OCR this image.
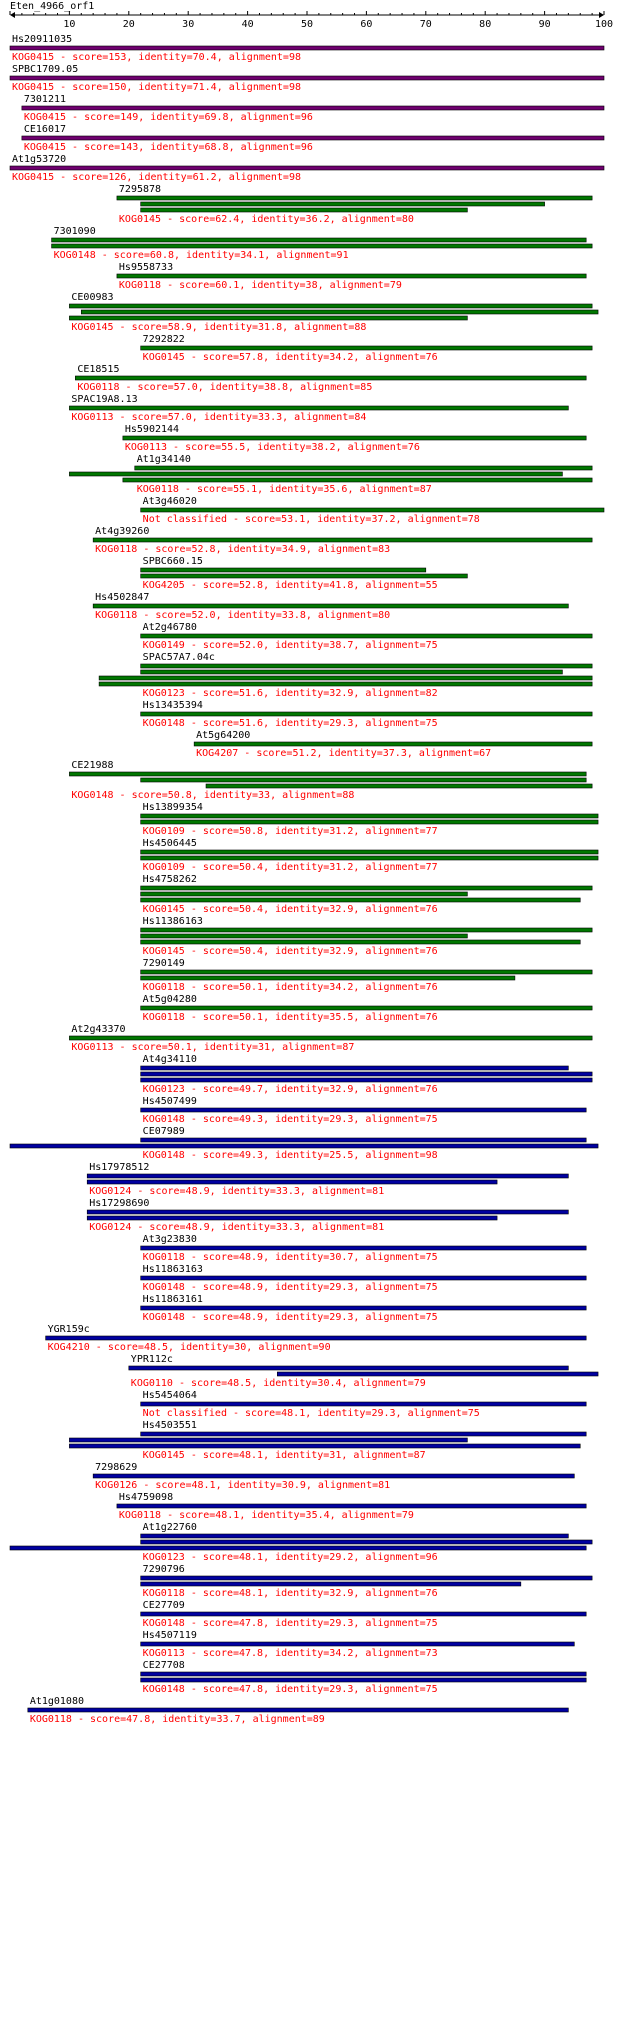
Eten_4966_orf1
10	20	30	40	50	60	70	80	90	100
Hs20911035
KOG0415 - score=153, identity=70.4, alignment=98
SPBC1709.05
KOG0415 - score=150, identity=71.4, alignment=98
7301211
KOG0415 - score=149, identity=69.8, alignment=96
CE16017
KOG0415 - score=143, identity=68.8, alignment=96
At1g53720
KOG0415 - score=126, identity=61.2, alignment=98
7295878
KOG0145 - score=62.4, identity=36.2, alignment=80
7301090
KOG0148 - score=60.8, identity=34.1, alignment=91
Hs9558733
KOG0118 - score=60.1, identity=38, alignment=79
CE00983
KOG0145 - score=58.9, identity=31.8, alignment=88
7292822
KOG0145 - score=57.8, identity=34.2, alignment=76
CE18515
KOG0118 - score=57.0, identity=38.8, alignment=85
SPAC19A8.13
KOG0113 - score=57.0, identity=33.3, alignment=84
Hs5902144
KOG0113 - score=55.5, identity=38.2, alignment=76
At1g34140
KOG0118 - score=55.1, identity=35.6, alignment=87
At3g46020
Not classified - score=53.1, identity=37.2, alignment=78
At4g39260
KOG0118 - score=52.8, identity=34.9, alignment=83
SPBC660.15
KOG4205 - score=52.8, identity=41.8, alignment=55
Hs4502847
KOG0118 - score=52.0, identity=33.8, alignment=80
At2g46780
KOG0149 - score=52.0, identity=38.7, alignment=75
SPAC57A7.04c
KOG0123 - score=51.6, identity=32.9, alignment=82
Hs13435394
KOG0148 - score=51.6, identity=29.3, alignment=75
At5g64200
KOG4207 - score=51.2, identity=37.3, alignment=67
CE21988
KOG0148 - score=50.8, identity=33, alignment=88
Hs13899354
KOG0109 - score=50.8, identity=31.2, alignment=77
Hs4506445
KOG0109 - score=50.4, identity=31.2, alignment=77
Hs4758262
KOG0145 - score=50.4, identity=32.9, alignment=76
Hs11386163
KOG0145 - score=50.4, identity=32.9, alignment=76
7290149
KOG0118 - score=50.1, identity=34.2, alignment=76
At5g04280
KOG0118 - score=50.1, identity=35.5, alignment=76
At2g43370
KOG0113 - score=50.1, identity=31, alignment=87
At4g34110
KOG0123 - score=49.7, identity=32.9, alignment=76
Hs4507499
KOG0148 - score=49.3, identity=29.3, alignment=75
CE07989
KOG0148 - score=49.3, identity=25.5, alignment=98
Hs17978512
KOG0124 - score=48.9, identity=33.3, alignment=81
Hs17298690
KOG0124 - score=48.9, identity=33.3, alignment=81
At3g23830
KOG0118 - score=48.9, identity=30.7, alignment=75
Hs11863163
KOG0148 - score=48.9, identity=29.3, alignment=75
Hs11863161
KOG0148 - score=48.9, identity=29.3, alignment=75
YGR159c
KOG4210 - score=48.5, identity=30, alignment=90
YPR112c
KOG0110 - score=48.5, identity=30.4, alignment=79
Hs5454064
Not classified - score=48.1, identity=29.3, alignment=75
Hs4503551
KOG0145 - score=48.1, identity=31, alignment=87
7298629
KOG0126 - score=48.1, identity=30.9, alignment=81
Hs4759098
KOG0118 - score=48.1, identity=35.4, alignment=79
At1g22760
KOG0123 - score=48.1, identity=29.2, alignment=96
7290796
KOG0118 - score=48.1, identity=32.9, alignment=76
CE27709
KOG0148 - score=47.8, identity=29.3, alignment=75
Hs4507119
KOG0113 - score=47.8, identity=34.2, alignment=73
CE27708
KOG0148 - score=47.8, identity=29.3, alignment=75
At1g01080
KOG0118 - score=47.8, identity=33.7, alignment=89
